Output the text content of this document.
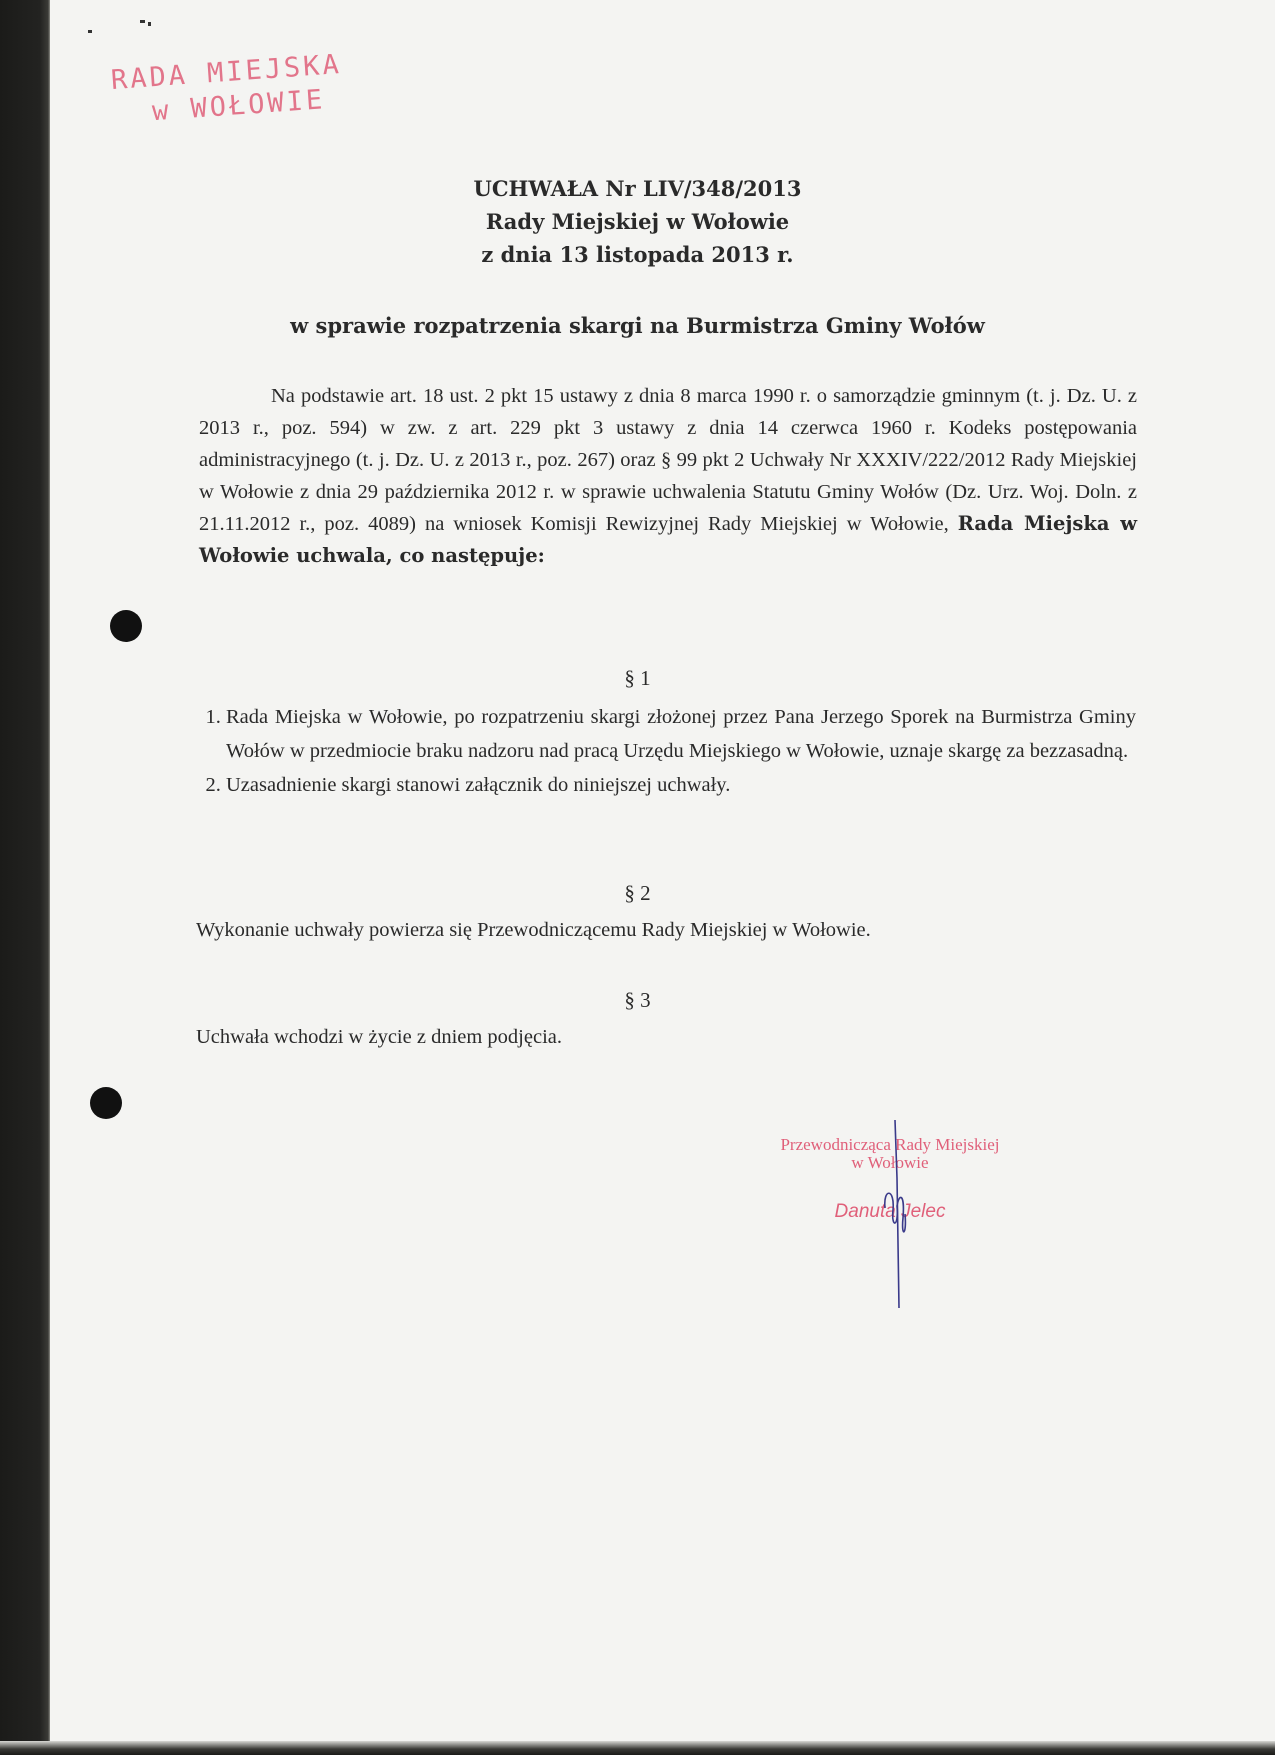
RADA MIEJSKA

w WOŁOWIE
UCHWAŁA Nr LIV/348/2013
Rady Miejskiej w Wołowie
z dnia 13 listopada 2013 r.
w sprawie rozpatrzenia skargi na Burmistrza Gminy Wołów

Na podstawie art. 18 ust. 2 pkt 15 ustawy z dnia 8 marca 1990 r. o samorządzie gminnym (t. j. Dz. U. z 2013 r., poz. 594) w zw. z art. 229 pkt 3 ustawy z dnia 14 czerwca 1960 r. Kodeks postępowania administracyjnego (t. j. Dz. U. z 2013 r., poz. 267) oraz § 99 pkt 2 Uchwały Nr XXXIV/222/2012 Rady Miejskiej w Wołowie z dnia 29 października 2012 r. w sprawie uchwalenia Statutu Gminy Wołów (Dz. Urz. Woj. Doln. z 21.11.2012 r., poz. 4089) na wniosek Komisji Rewizyjnej Rady Miejskiej w Wołowie, Rada Miejska w Wołowie uchwala, co następuje:

§ 1
1. Rada Miejska w Wołowie, po rozpatrzeniu skargi złożonej przez Pana Jerzego Sporek na Burmistrza Gminy Wołów w przedmiocie braku nadzoru nad pracą Urzędu Miejskiego w Wołowie, uznaje skargę za bezzasadną.
2. Uzasadnienie skargi stanowi załącznik do niniejszej uchwały.
§ 2
Wykonanie uchwały powierza się Przewodniczącemu Rady Miejskiej w Wołowie.
§ 3
Uchwała wchodzi w życie z dniem podjęcia.
Przewodnicząca Rady Miejskiej
w Wołowie
Danuta Jelec
